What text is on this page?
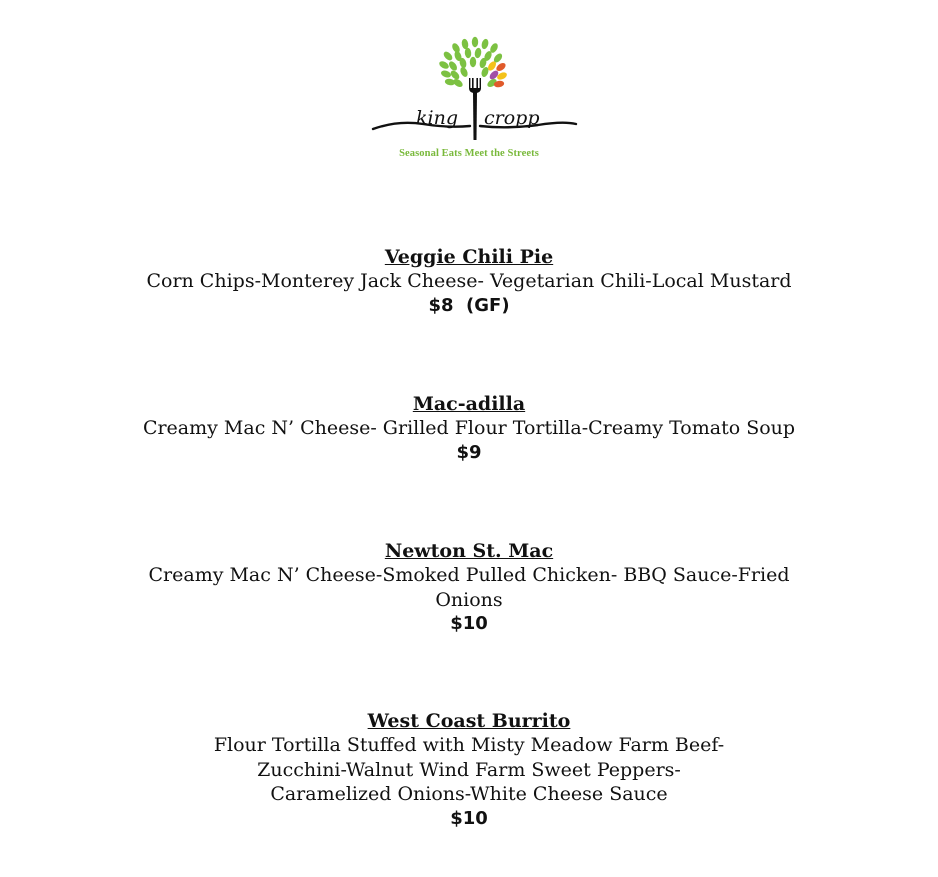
king cropp
Seasonal Eats Meet the Streets
Veggie Chili Pie
Corn Chips-Monterey Jack Cheese- Vegetarian Chili-Local Mustard
$8  (GF)
Mac-adilla
Creamy Mac N’ Cheese- Grilled Flour Tortilla-Creamy Tomato Soup
$9
Newton St. Mac
Creamy Mac N’ Cheese-Smoked Pulled Chicken- BBQ Sauce-Fried
Onions
$10
West Coast Burrito
Flour Tortilla Stuffed with Misty Meadow Farm Beef-
Zucchini-Walnut Wind Farm Sweet Peppers-
Caramelized Onions-White Cheese Sauce
$10
